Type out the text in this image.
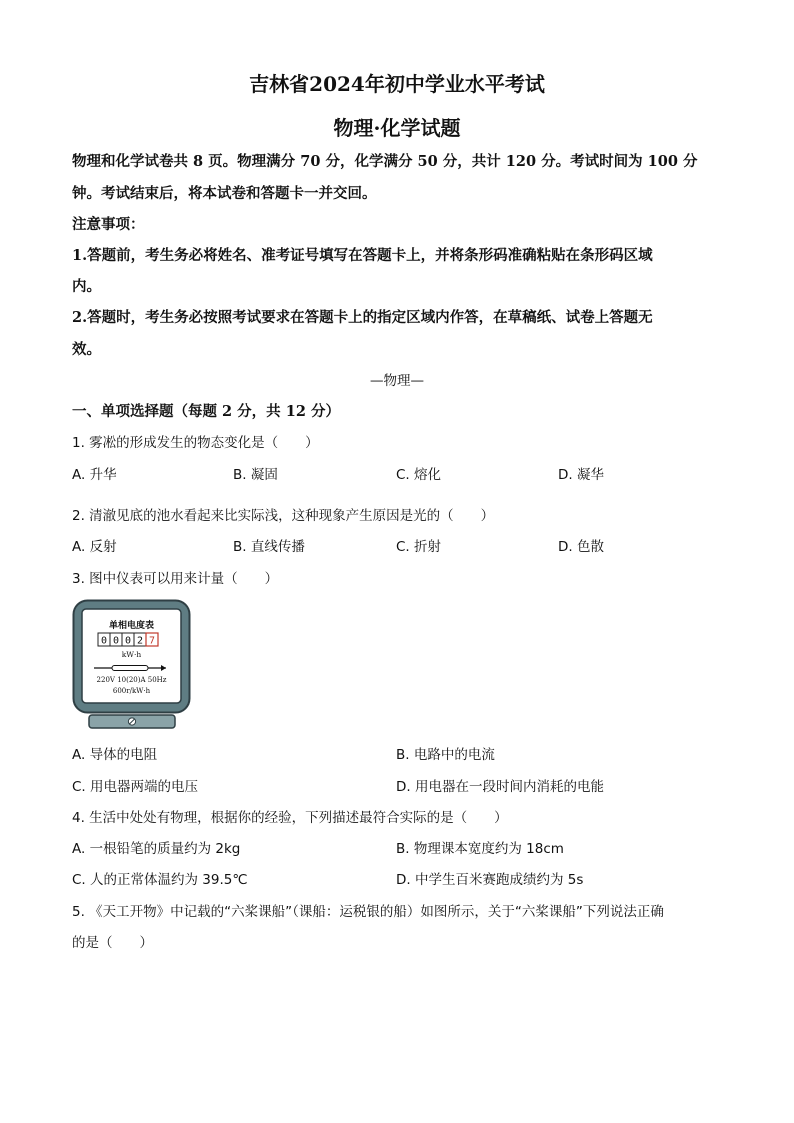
吉林省2024年初中学业水平考试
物理·化学试题
物理和化学试卷共 8 页。物理满分 70 分，化学满分 50 分，共计 120 分。考试时间为 100 分
钟。考试结束后，将本试卷和答题卡一并交回。
注意事项：
1.答题前，考生务必将姓名、准考证号填写在答题卡上，并将条形码准确粘贴在条形码区域
内。
2.答题时，考生务必按照考试要求在答题卡上的指定区域内作答，在草稿纸、试卷上答题无
效。
—物理—
一、单项选择题（每题 2 分，共 12 分）
1. 雾凇的形成发生的物态变化是（　　）
A. 升华	B. 凝固	C. 熔化	D. 凝华
2. 清澈见底的池水看起来比实际浅，这种现象产生原因是光的（　　）
A. 反射	B. 直线传播	C. 折射	D. 色散
3. 图中仪表可以用来计量（　　）
单相电度表
0 0 0 2 7
kW·h
220V 10(20)A 50Hz
600r/kW·h
A. 导体的电阻	B. 电路中的电流
C. 用电器两端的电压	D. 用电器在一段时间内消耗的电能
4. 生活中处处有物理，根据你的经验，下列描述最符合实际的是（　　）
A. 一根铅笔的质量约为 2kg	B. 物理课本宽度约为 18cm
C. 人的正常体温约为 39.5℃	D. 中学生百米赛跑成绩约为 5s
5. 《天工开物》中记载的“六桨课船”（课船：运税银的船）如图所示，关于“六桨课船”下列说法正确
的是（　　）
